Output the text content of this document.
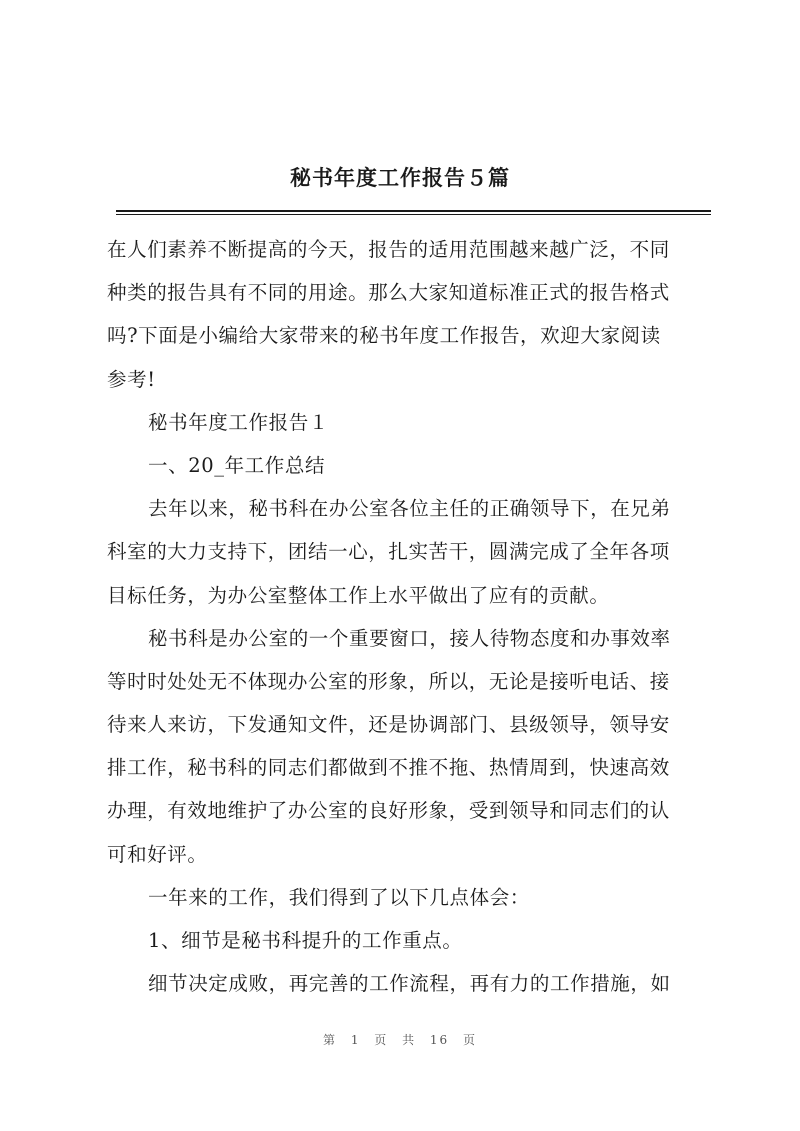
秘书年度工作报告５篇
在人们素养不断提高的今天，报告的适用范围越来越广泛，不同
种类的报告具有不同的用途。那么大家知道标准正式的报告格式
吗?下面是小编给大家带来的秘书年度工作报告，欢迎大家阅读
参考!
秘书年度工作报告１
一、20_年工作总结
去年以来，秘书科在办公室各位主任的正确领导下，在兄弟
科室的大力支持下，团结一心，扎实苦干，圆满完成了全年各项
目标任务，为办公室整体工作上水平做出了应有的贡献。
秘书科是办公室的一个重要窗口，接人待物态度和办事效率
等时时处处无不体现办公室的形象，所以，无论是接听电话、接
待来人来访，下发通知文件，还是协调部门、县级领导，领导安
排工作，秘书科的同志们都做到不推不拖、热情周到，快速高效
办理，有效地维护了办公室的良好形象，受到领导和同志们的认
可和好评。
一年来的工作，我们得到了以下几点体会：
1、细节是秘书科提升的工作重点。
细节决定成败，再完善的工作流程，再有力的工作措施，如
第 1 页 共 16 页
